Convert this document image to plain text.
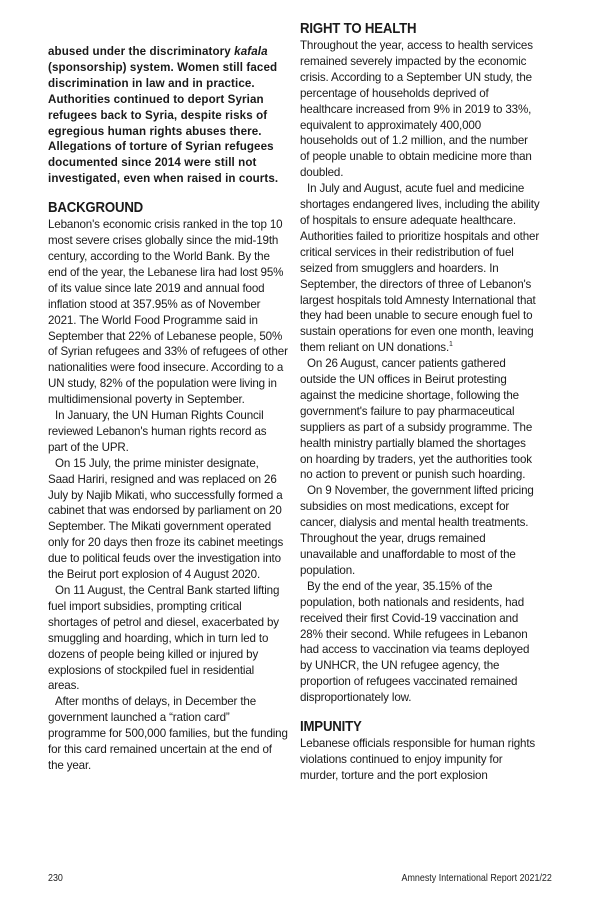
abused under the discriminatory kafala (sponsorship) system. Women still faced discrimination in law and in practice. Authorities continued to deport Syrian refugees back to Syria, despite risks of egregious human rights abuses there. Allegations of torture of Syrian refugees documented since 2014 were still not investigated, even when raised in courts.

BACKGROUND

Lebanon's economic crisis ranked in the top 10 most severe crises globally since the mid-19th century, according to the World Bank. By the end of the year, the Lebanese lira had lost 95% of its value since late 2019 and annual food inflation stood at 357.95% as of November 2021. The World Food Programme said in September that 22% of Lebanese people, 50% of Syrian refugees and 33% of refugees of other nationalities were food insecure. According to a UN study, 82% of the population were living in multidimensional poverty in September.

In January, the UN Human Rights Council reviewed Lebanon's human rights record as part of the UPR.

On 15 July, the prime minister designate, Saad Hariri, resigned and was replaced on 26 July by Najib Mikati, who successfully formed a cabinet that was endorsed by parliament on 20 September. The Mikati government operated only for 20 days then froze its cabinet meetings due to political feuds over the investigation into the Beirut port explosion of 4 August 2020.

On 11 August, the Central Bank started lifting fuel import subsidies, prompting critical shortages of petrol and diesel, exacerbated by smuggling and hoarding, which in turn led to dozens of people being killed or injured by explosions of stockpiled fuel in residential areas.

After months of delays, in December the government launched a “ration card” programme for 500,000 families, but the funding for this card remained uncertain at the end of the year.

RIGHT TO HEALTH

Throughout the year, access to health services remained severely impacted by the economic crisis. According to a September UN study, the percentage of households deprived of healthcare increased from 9% in 2019 to 33%, equivalent to approximately 400,000 households out of 1.2 million, and the number of people unable to obtain medicine more than doubled.

In July and August, acute fuel and medicine shortages endangered lives, including the ability of hospitals to ensure adequate healthcare. Authorities failed to prioritize hospitals and other critical services in their redistribution of fuel seized from smugglers and hoarders. In September, the directors of three of Lebanon's largest hospitals told Amnesty International that they had been unable to secure enough fuel to sustain operations for even one month, leaving them reliant on UN donations.$^1$

On 26 August, cancer patients gathered outside the UN offices in Beirut protesting against the medicine shortage, following the government's failure to pay pharmaceutical suppliers as part of a subsidy programme. The health ministry partially blamed the shortages on hoarding by traders, yet the authorities took no action to prevent or punish such hoarding.

On 9 November, the government lifted pricing subsidies on most medications, except for cancer, dialysis and mental health treatments. Throughout the year, drugs remained unavailable and unaffordable to most of the population.

By the end of the year, 35.15% of the population, both nationals and residents, had received their first Covid-19 vaccination and 28% their second. While refugees in Lebanon had access to vaccination via teams deployed by UNHCR, the UN refugee agency, the proportion of refugees vaccinated remained disproportionately low.

IMPUNITY

Lebanese officials responsible for human rights violations continued to enjoy impunity for murder, torture and the port explosion

230	Amnesty International Report 2021/22
